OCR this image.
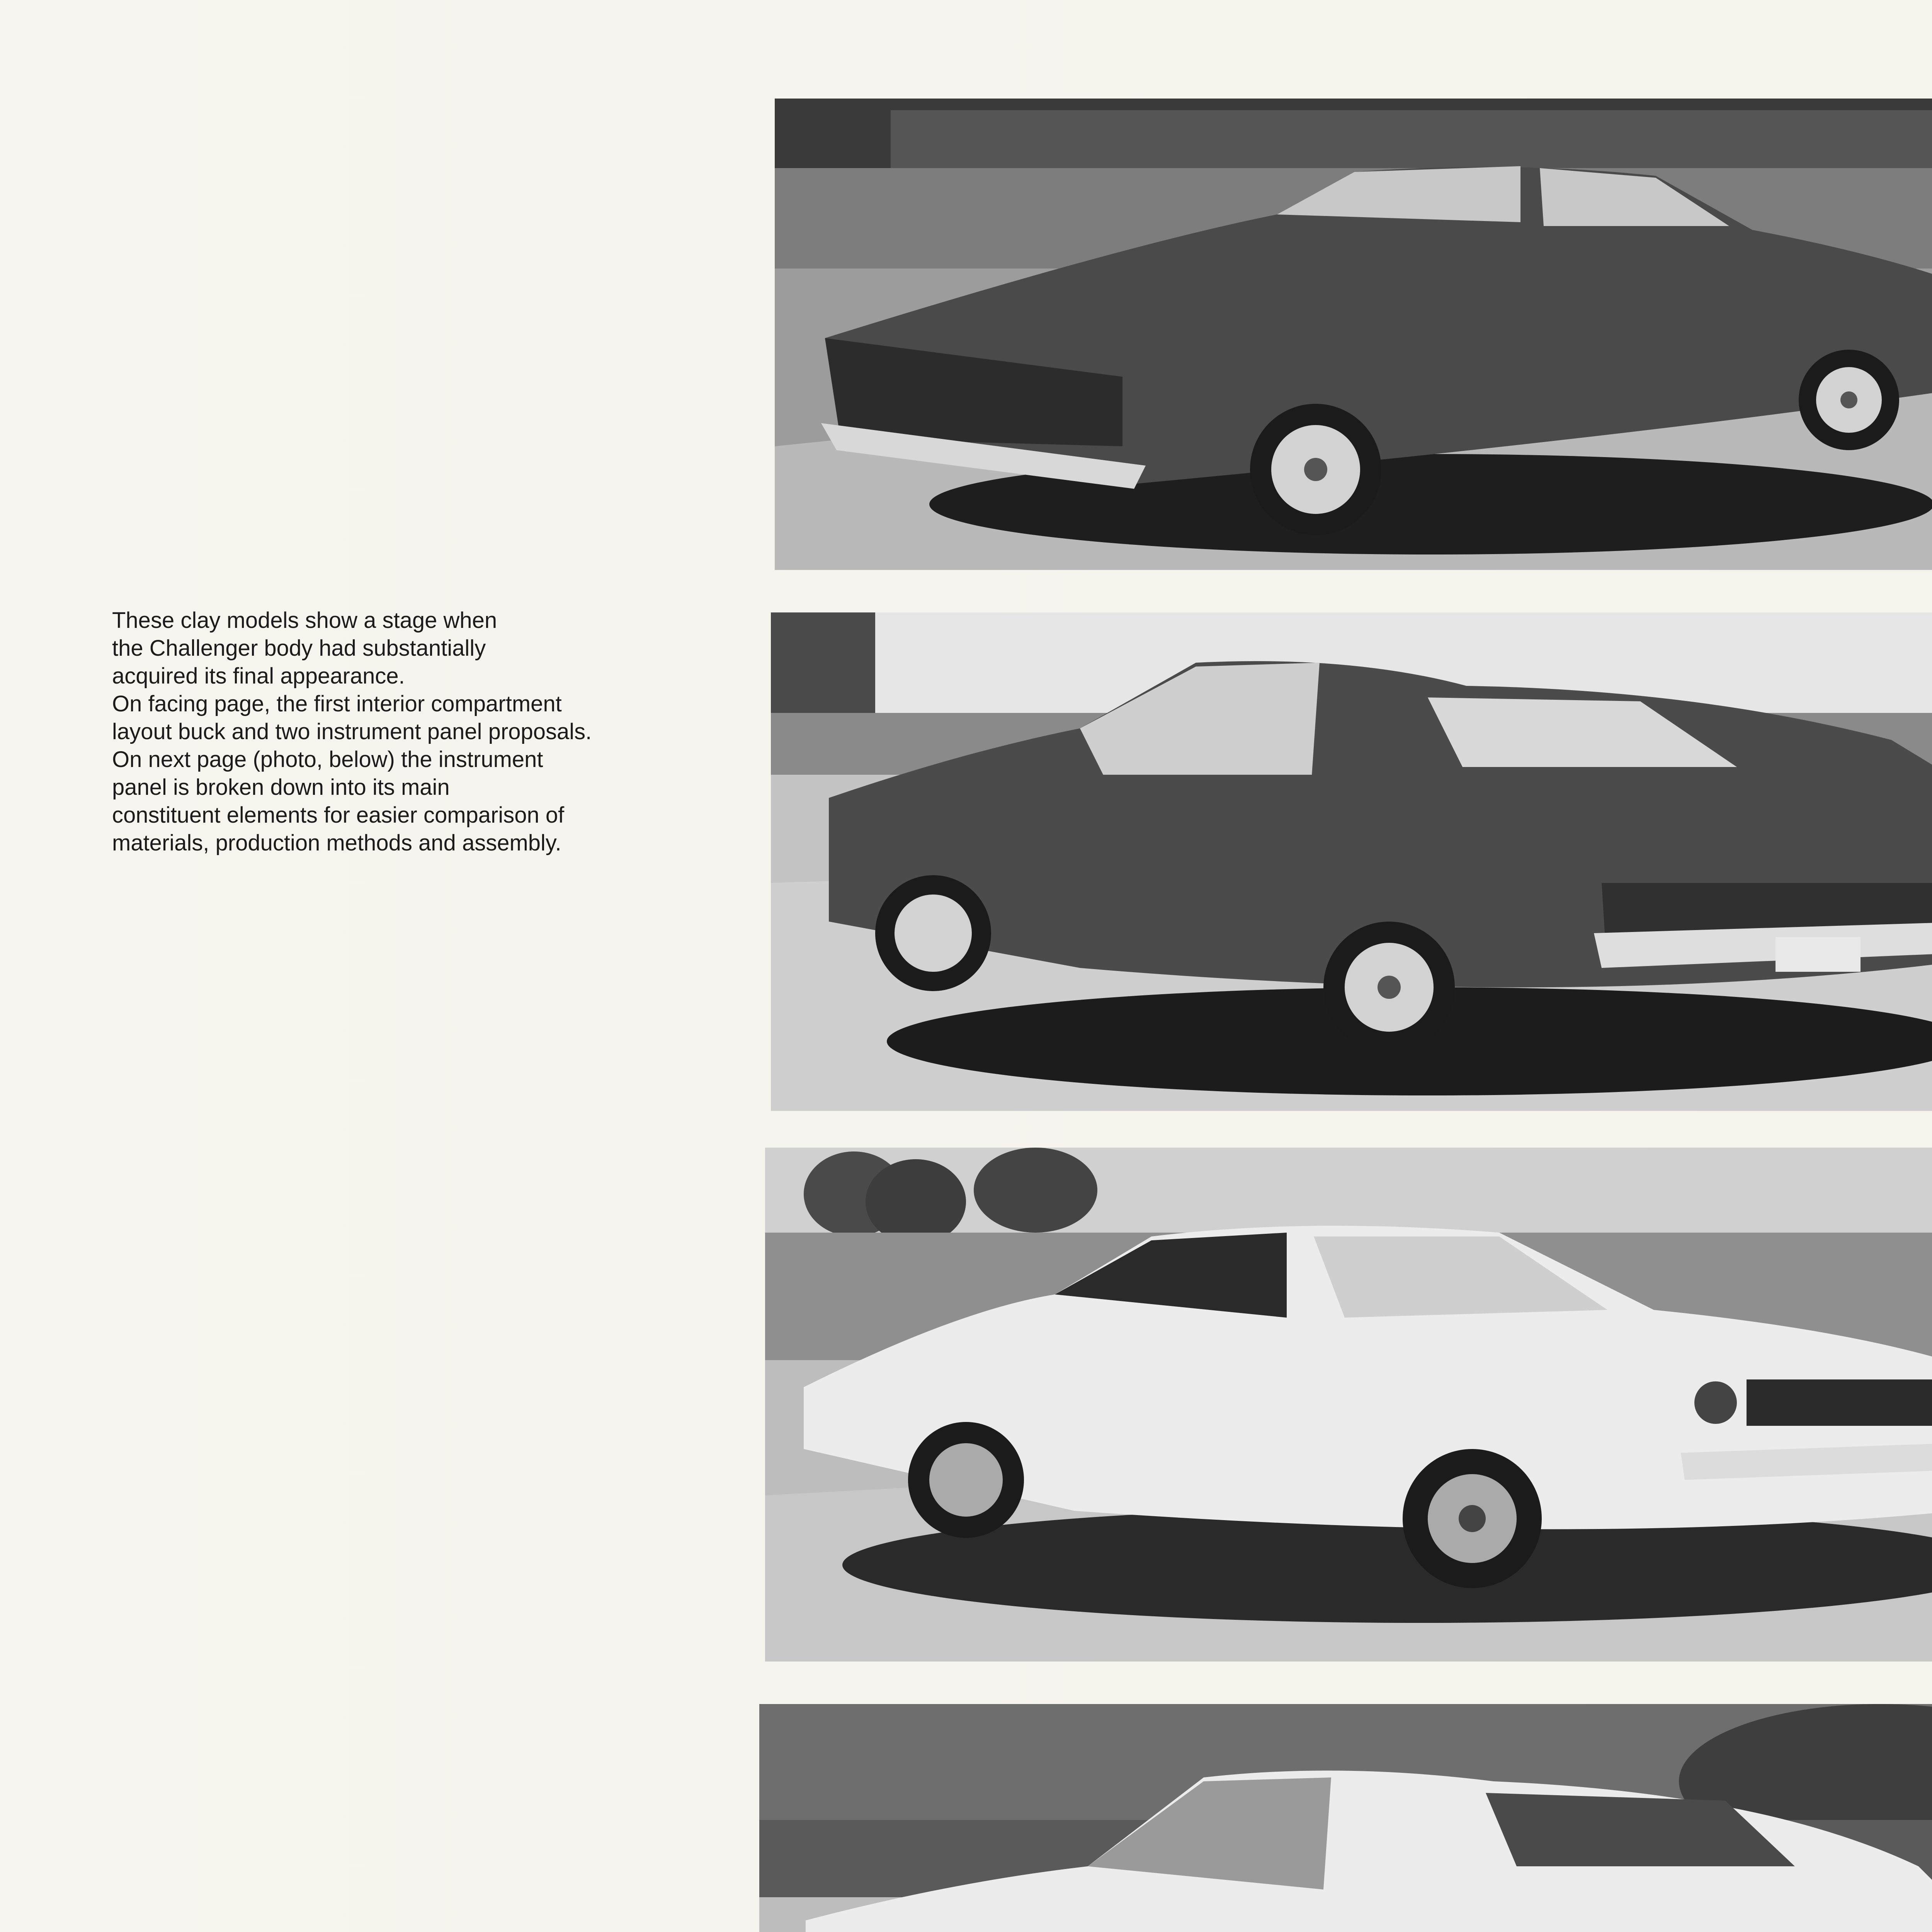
These clay models show a stage when

the Challenger body had substantially

acquired its final appearance.

On facing page, the first interior compartment

layout buck and two instrument panel proposals.

On next page (photo, below) the instrument

panel is broken down into its main

constituent elements for easier comparison of

materials, production methods and assembly.
